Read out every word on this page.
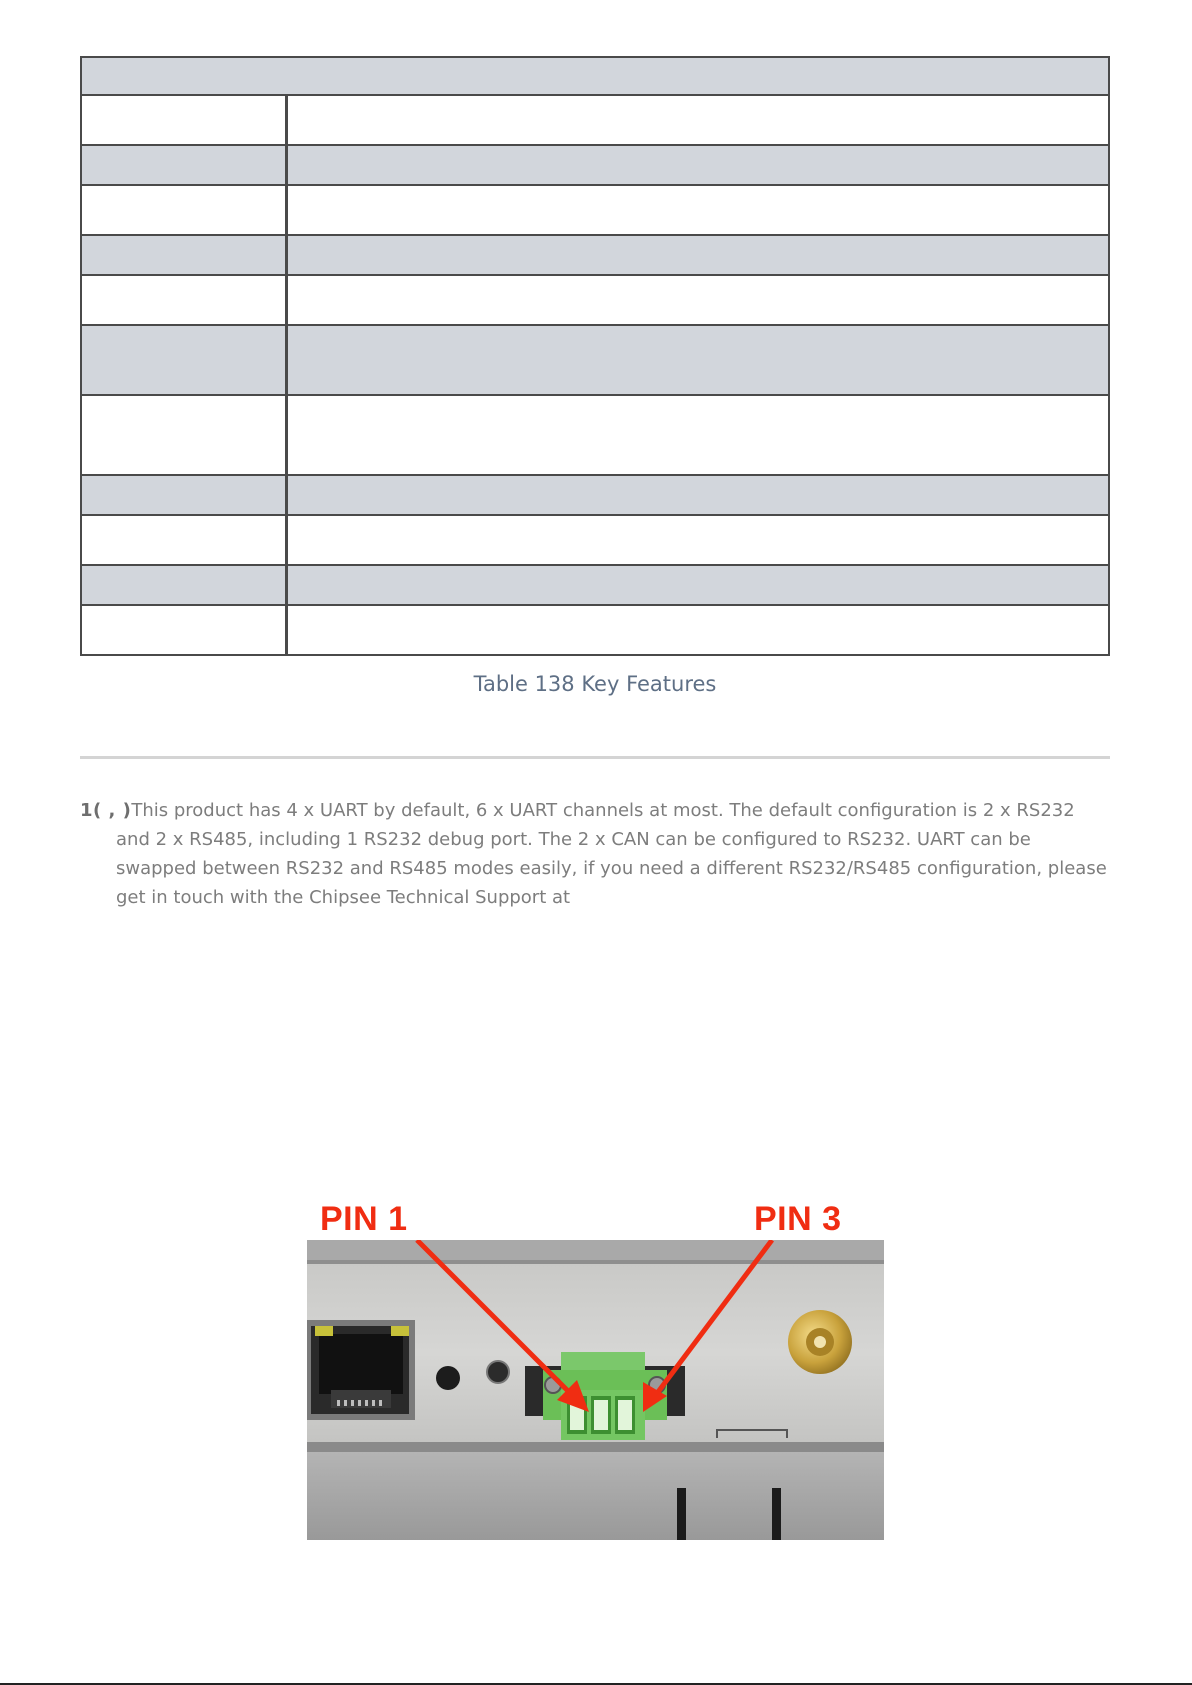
Table 138 Key Features

1( , )This product has 4 x UART by default, 6 x UART channels at most. The default configuration is 2 x RS232 and 2 x RS485, including 1 RS232 debug port. The 2 x CAN can be configured to RS232. UART can be swapped between RS232 and RS485 modes easily, if you need a different RS232/RS485 configuration, please get in touch with the Chipsee Technical Support at

PIN 1	PIN 3
